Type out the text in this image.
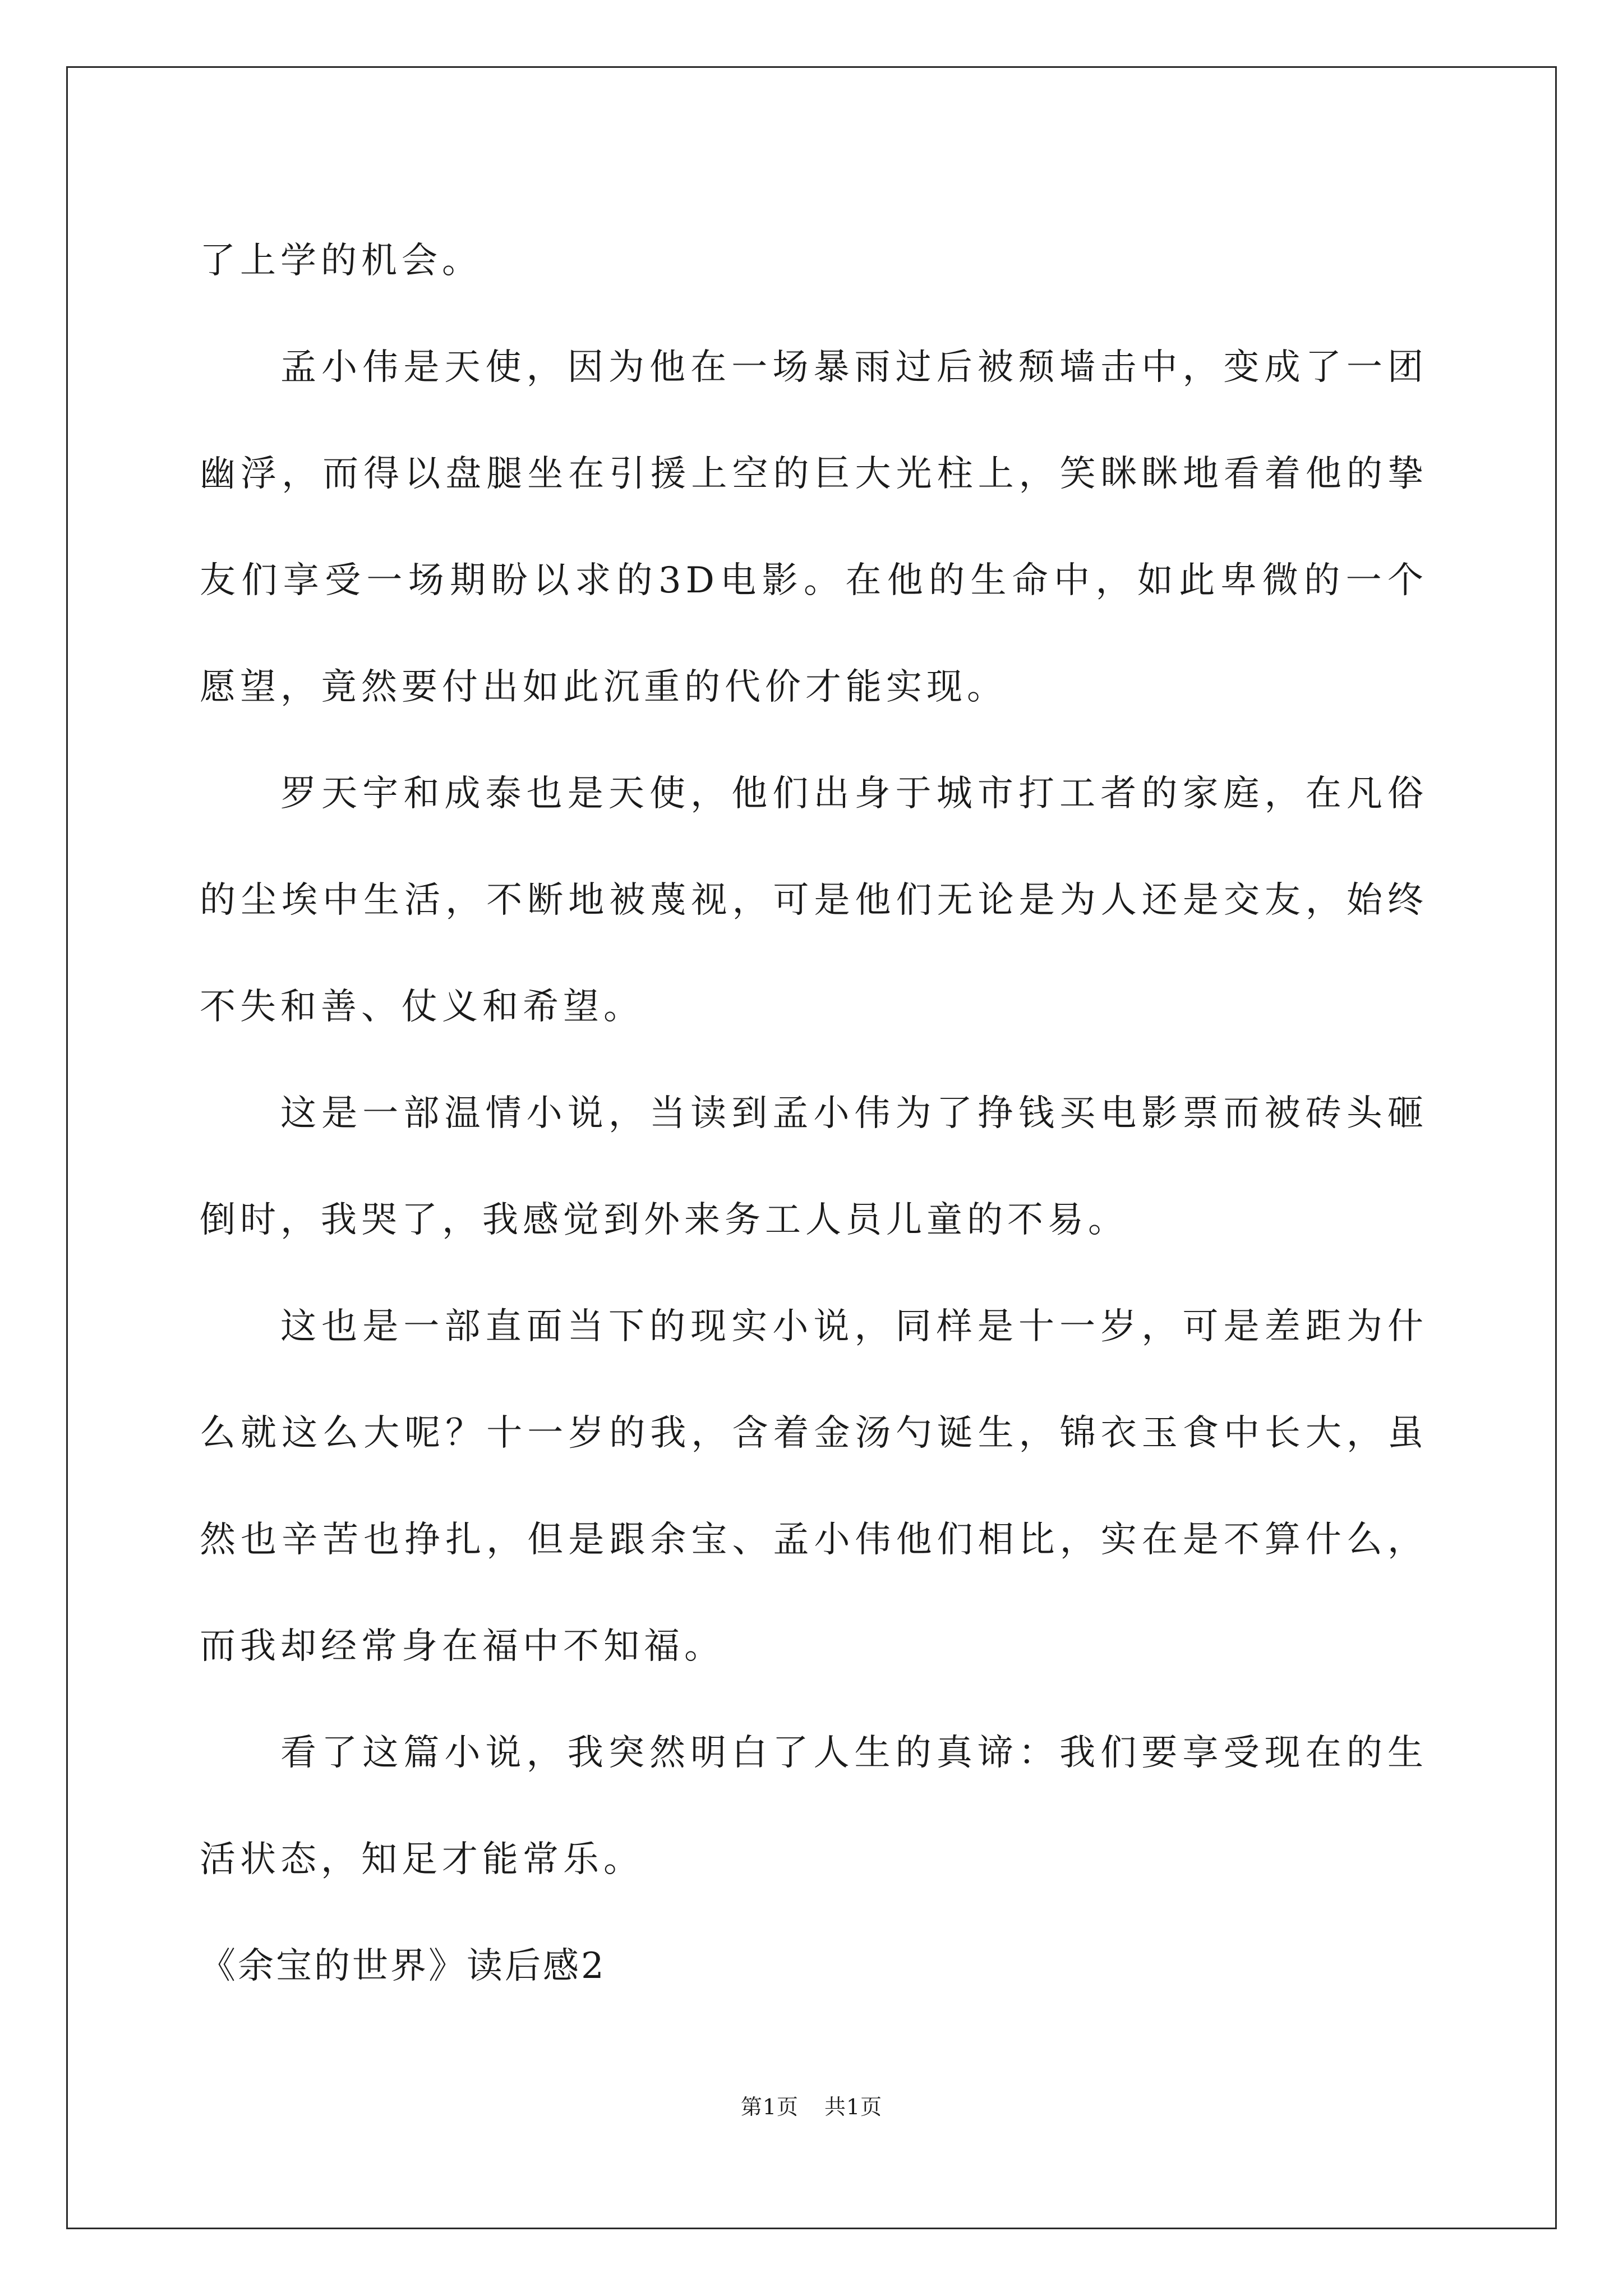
了上学的机会。

孟小伟是天使，因为他在一场暴雨过后被颓墙击中，变成了一团幽浮，而得以盘腿坐在引援上空的巨大光柱上，笑眯眯地看着他的挚友们享受一场期盼以求的3D电影。在他的生命中，如此卑微的一个愿望，竟然要付出如此沉重的代价才能实现。

罗天宇和成泰也是天使，他们出身于城市打工者的家庭，在凡俗的尘埃中生活，不断地被蔑视，可是他们无论是为人还是交友，始终不失和善、仗义和希望。

这是一部温情小说，当读到孟小伟为了挣钱买电影票而被砖头砸倒时，我哭了，我感觉到外来务工人员儿童的不易。

这也是一部直面当下的现实小说，同样是十一岁，可是差距为什么就这么大呢？十一岁的我，含着金汤勺诞生，锦衣玉食中长大，虽然也辛苦也挣扎，但是跟余宝、孟小伟他们相比，实在是不算什么，而我却经常身在福中不知福。

看了这篇小说，我突然明白了人生的真谛：我们要享受现在的生活状态，知足才能常乐。

《余宝的世界》读后感2

第1页 共1页
